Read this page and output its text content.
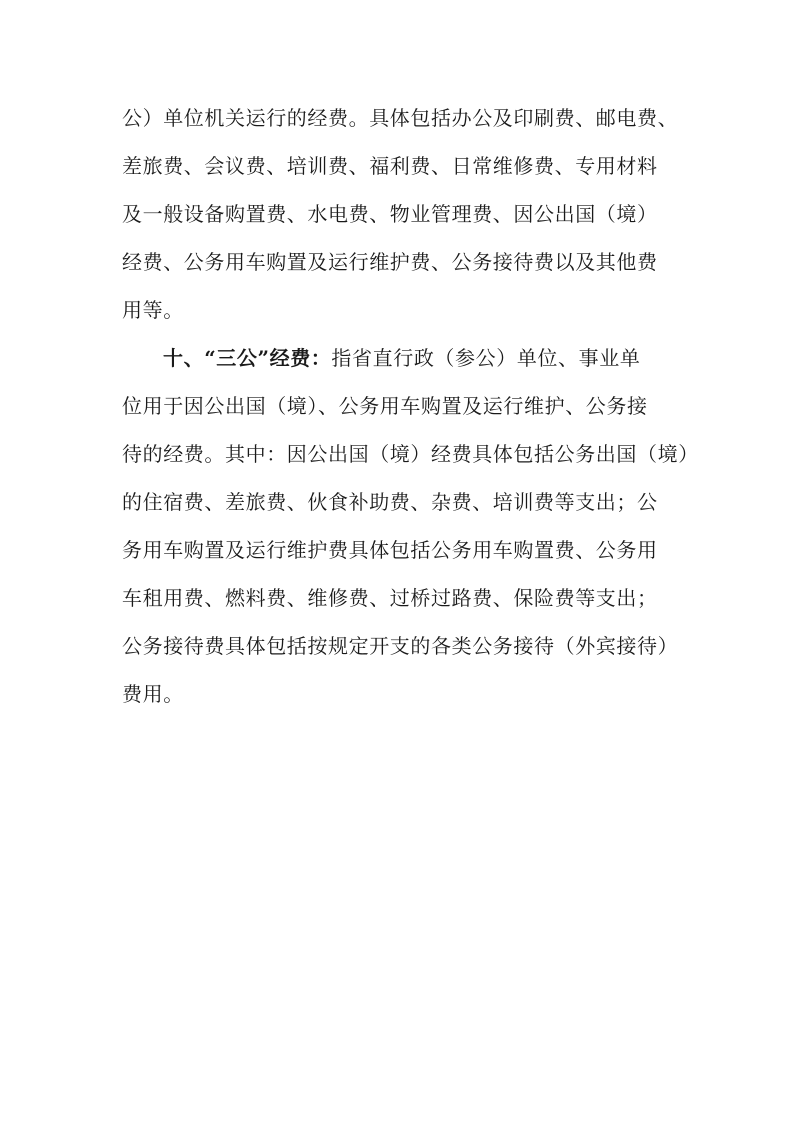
公）单位机关运行的经费。具体包括办公及印刷费、邮电费、
差旅费、会议费、培训费、福利费、日常维修费、专用材料
及一般设备购置费、水电费、物业管理费、因公出国（境）
经费、公务用车购置及运行维护费、公务接待费以及其他费
用等。
十、“三公”经费：指省直行政（参公）单位、事业单
位用于因公出国（境）、公务用车购置及运行维护、公务接
待的经费。其中：因公出国（境）经费具体包括公务出国（境）
的住宿费、差旅费、伙食补助费、杂费、培训费等支出；公
务用车购置及运行维护费具体包括公务用车购置费、公务用
车租用费、燃料费、维修费、过桥过路费、保险费等支出；
公务接待费具体包括按规定开支的各类公务接待（外宾接待）
费用。
